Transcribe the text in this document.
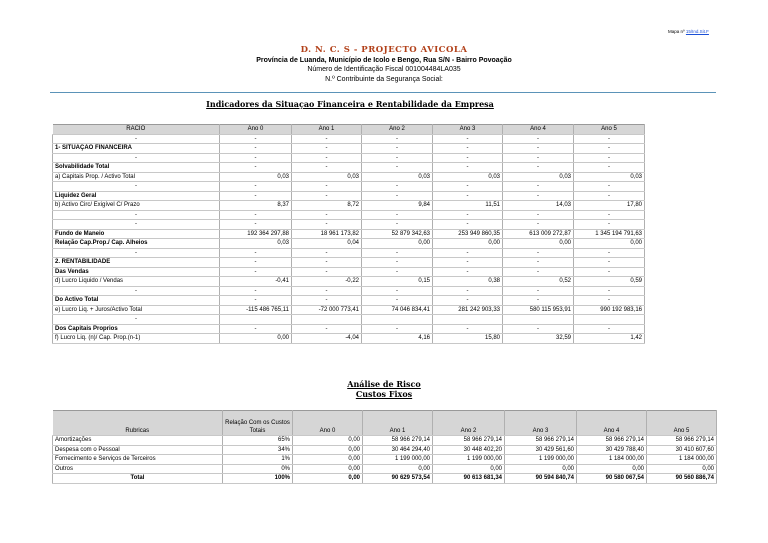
Mapa nº 15/Ind.Sit.F
D. N. C. S - PROJECTO AVICOLA
Província de Luanda, Município de Icolo e Bengo, Rua S/N - Bairro Povoação
Número de Identificação Fiscal 001004484LA035
N.º Contribuinte da Segurança Social:
Indicadores da Situaçao Financeira e Rentabilidade da Empresa
RACIO	Ano 0	Ano 1	Ano 2	Ano 3	Ano 4	Ano 5
-	-	-	-	-	-	-
1- SITUAÇAO FINANCEIRA	-	-	-	-	-	-
-	-	-	-	-	-	-
Solvabilidade Total	-	-	-	-	-	-
a) Capitais Prop. / Activo Total	0,03	0,03	0,03	0,03	0,03	0,03
-	-	-	-	-	-	-
Liquidez Geral	-	-	-	-	-	-
b) Activo Circ/ Exigível C/ Prazo	8,37	8,72	9,84	11,51	14,03	17,80
-	-	-	-	-	-	-
-	-	-	-	-	-	-
Fundo de Maneio	192 364 297,88	18 961 173,82	52 879 342,63	253 949 860,35	613 009 272,87	1 345 194 791,63
Relação Cap.Prop./ Cap. Alheios	0,03	0,04	0,00	0,00	0,00	0,00
-	-	-	-	-	-	-
2. RENTABILIDADE	-	-	-	-	-	-
Das Vendas	-	-	-	-	-	-
d) Lucro Liquido / Vendas	-0,41	-0,22	0,15	0,38	0,52	0,59
-	-	-	-	-	-	-
Do Activo Total	-	-	-	-	-	-
e) Lucro Liq. + Juros/Activo Total	-115 486 765,11	-72 000 773,41	74 046 834,41	281 242 903,33	580 115 953,91	990 192 983,16
-						
Dos Capitais Proprios	-	-	-	-	-	-
f) Lucro Liq. (n)/ Cap. Prop.(n-1)	0,00	-4,04	4,16	15,80	32,59	1,42
Análise de Risco
Custos Fixos
Rubricas	Relação Com os Custos Totais	Ano 0	Ano 1	Ano 2	Ano 3	Ano 4	Ano 5
Amortizações	65%	0,00	58 966 279,14	58 966 279,14	58 966 279,14	58 966 279,14	58 966 279,14
Despesa com o Pessoal	34%	0,00	30 464 294,40	30 448 402,20	30 429 561,60	30 429 788,40	30 410 607,60
Fornecimento e Serviços de Terceiros	1%	0,00	1 199 000,00	1 199 000,00	1 199 000,00	1 184 000,00	1 184 000,00
Outros	0%	0,00	0,00	0,00	0,00	0,00	0,00
Total	100%	0,00	90 629 573,54	90 613 681,34	90 594 840,74	90 580 067,54	90 560 886,74
